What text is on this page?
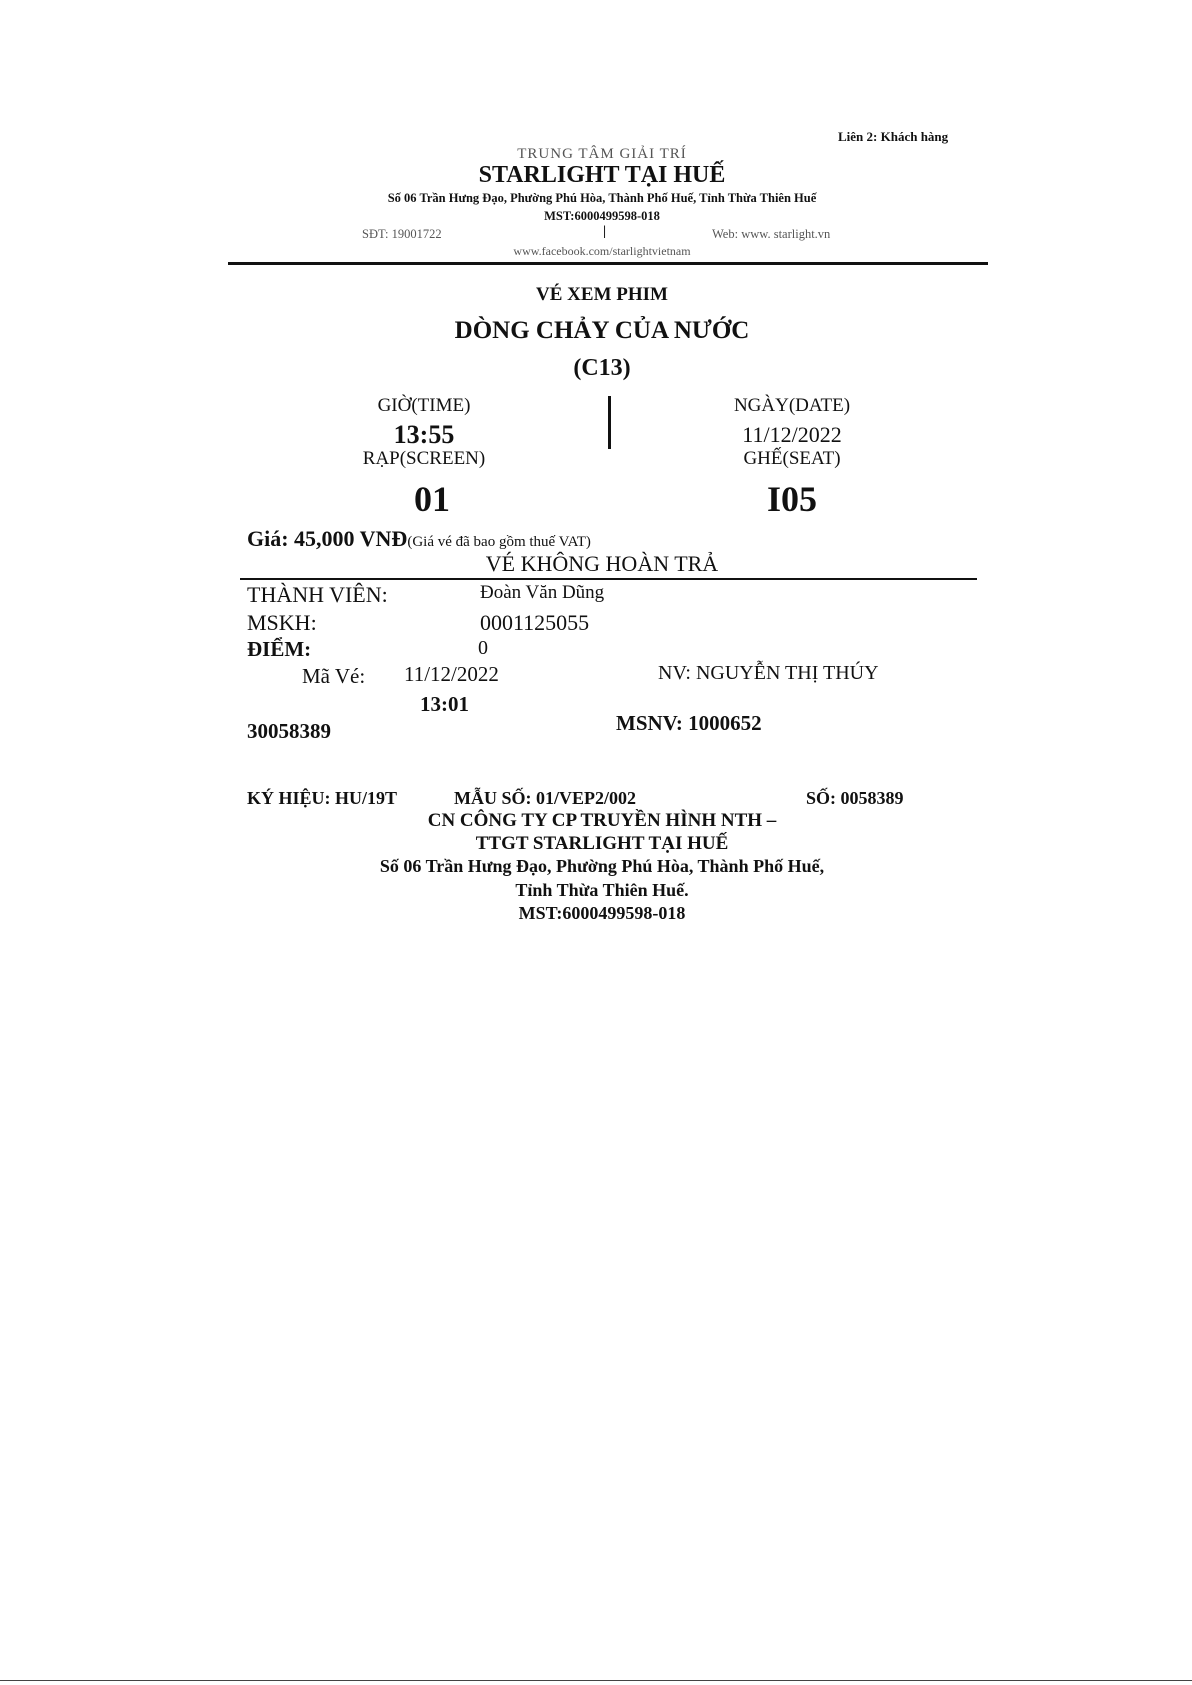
Liên 2: Khách hàng
TRUNG TÂM GIẢI TRÍ
STARLIGHT TẠI HUẾ
Số 06 Trần Hưng Đạo, Phường Phú Hòa, Thành Phố Huế, Tỉnh Thừa Thiên Huế
MST:6000499598-018
SĐT: 19001722	|	Web: www. starlight.vn
www.facebook.com/starlightvietnam
VÉ XEM PHIM
DÒNG CHẢY CỦA NƯỚC
(C13)
GIỜ(TIME)
13:55
NGÀY(DATE)
11/12/2022
RẠP(SCREEN)
01
GHẾ(SEAT)
I05
Giá: 45,000 VNĐ(Giá vé đã bao gồm thuế VAT)
VÉ KHÔNG HOÀN TRẢ
THÀNH VIÊN:	Đoàn Văn Dũng
MSKH:	0001125055
ĐIỂM:	0
Mã Vé: 11/12/2022
13:01
30058389
NV: NGUYỄN THỊ THÚY
MSNV: 1000652
KÝ HIỆU: HU/19T	MẪU SỐ: 01/VEP2/002	SỐ: 0058389
CN CÔNG TY CP TRUYỀN HÌNH NTH –
TTGT STARLIGHT TẠI HUẾ
Số 06 Trần Hưng Đạo, Phường Phú Hòa, Thành Phố Huế,
Tỉnh Thừa Thiên Huế.
MST:6000499598-018
